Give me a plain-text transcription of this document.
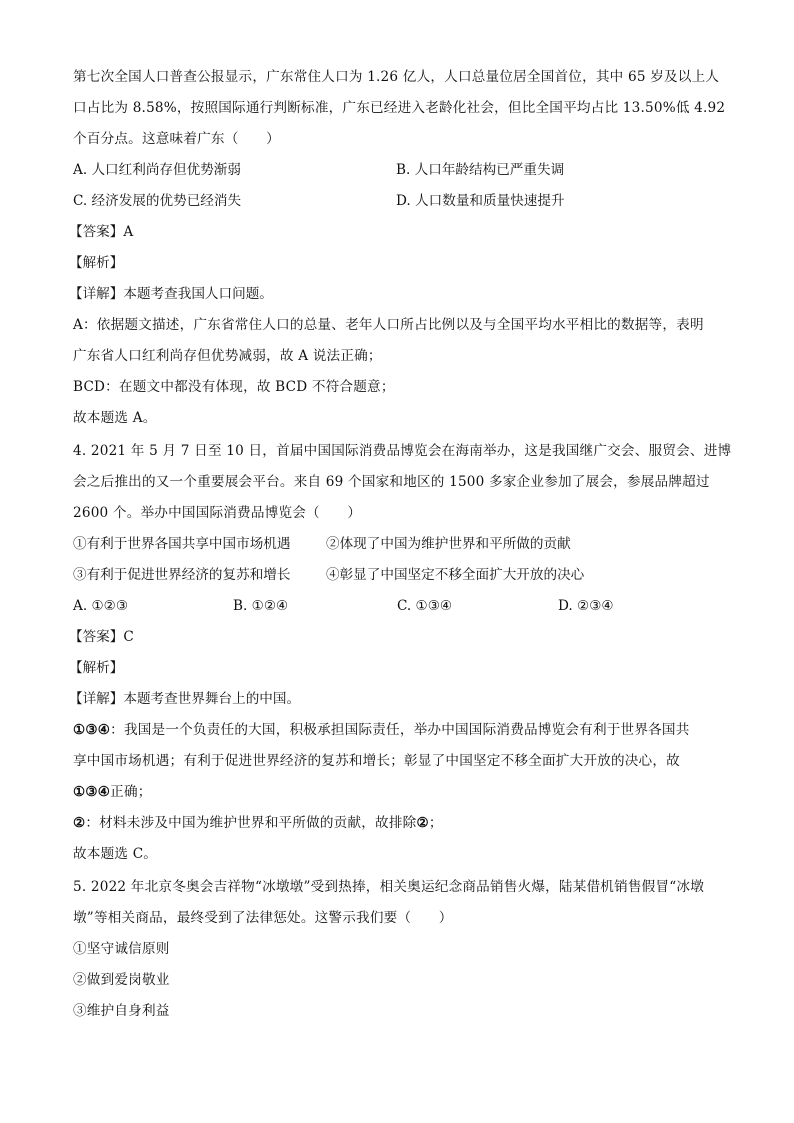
第七次全国人口普查公报显示，广东常住人口为 1.26 亿人，人口总量位居全国首位，其中 65 岁及以上人
口占比为 8.58%，按照国际通行判断标准，广东已经进入老龄化社会，但比全国平均占比 13.50%低 4.92
个百分点。这意味着广东（　　）
A. 人口红利尚存但优势渐弱	B. 人口年龄结构已严重失调
C. 经济发展的优势已经消失	D. 人口数量和质量快速提升
【答案】A
【解析】
【详解】本题考查我国人口问题。
A：依据题文描述，广东省常住人口的总量、老年人口所占比例以及与全国平均水平相比的数据等，表明
广东省人口红利尚存但优势减弱，故 A 说法正确；
BCD：在题文中都没有体现，故 BCD 不符合题意；
故本题选 A。
4. 2021 年 5 月 7 日至 10 日，首届中国国际消费品博览会在海南举办，这是我国继广交会、服贸会、进博
会之后推出的又一个重要展会平台。来自 69 个国家和地区的 1500 多家企业参加了展会，参展品牌超过
2600 个。举办中国国际消费品博览会（　　）
①有利于世界各国共享中国市场机遇	②体现了中国为维护世界和平所做的贡献
③有利于促进世界经济的复苏和增长	④彰显了中国坚定不移全面扩大开放的决心
A. ①②③	B. ①②④	C. ①③④	D. ②③④
【答案】C
【解析】
【详解】本题考查世界舞台上的中国。
①③④：我国是一个负责任的大国，积极承担国际责任，举办中国国际消费品博览会有利于世界各国共
享中国市场机遇；有利于促进世界经济的复苏和增长；彰显了中国坚定不移全面扩大开放的决心，故
①③④正确；
②：材料未涉及中国为维护世界和平所做的贡献，故排除②；
故本题选 C。
5. 2022 年北京冬奥会吉祥物“冰墩墩”受到热捧，相关奥运纪念商品销售火爆，陆某借机销售假冒“冰墩
墩”等相关商品，最终受到了法律惩处。这警示我们要（　　）
①坚守诚信原则
②做到爱岗敬业
③维护自身利益
